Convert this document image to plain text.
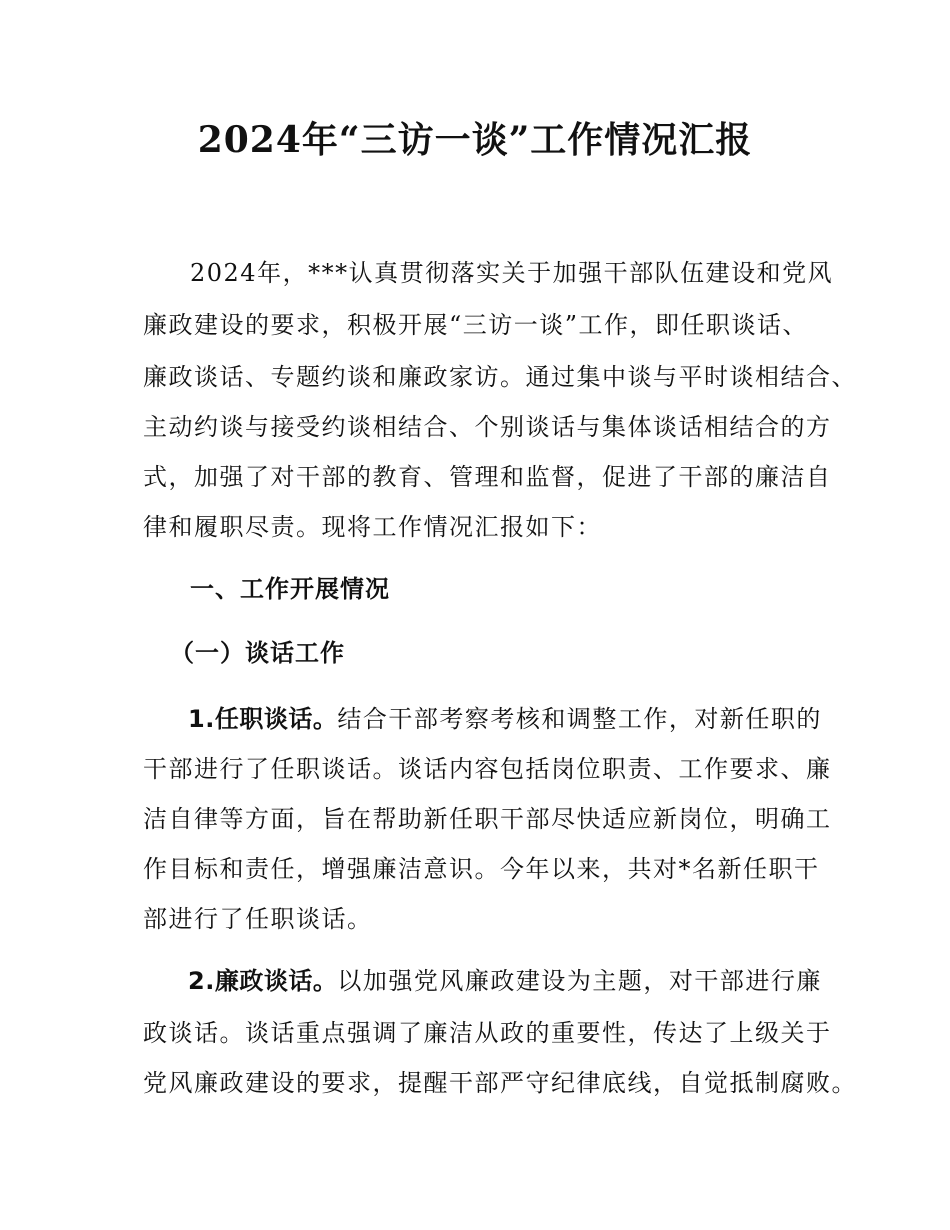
2024年“三访一谈”工作情况汇报
2024年，***认真贯彻落实关于加强干部队伍建设和党风
廉政建设的要求，积极开展“三访一谈”工作，即任职谈话、
廉政谈话、专题约谈和廉政家访。通过集中谈与平时谈相结合、
主动约谈与接受约谈相结合、个别谈话与集体谈话相结合的方
式，加强了对干部的教育、管理和监督，促进了干部的廉洁自
律和履职尽责。现将工作情况汇报如下：
一、工作开展情况
（一）谈话工作
1.任职谈话。结合干部考察考核和调整工作，对新任职的
干部进行了任职谈话。谈话内容包括岗位职责、工作要求、廉
洁自律等方面，旨在帮助新任职干部尽快适应新岗位，明确工
作目标和责任，增强廉洁意识。今年以来，共对*名新任职干
部进行了任职谈话。
2.廉政谈话。以加强党风廉政建设为主题，对干部进行廉
政谈话。谈话重点强调了廉洁从政的重要性，传达了上级关于
党风廉政建设的要求，提醒干部严守纪律底线，自觉抵制腐败。
